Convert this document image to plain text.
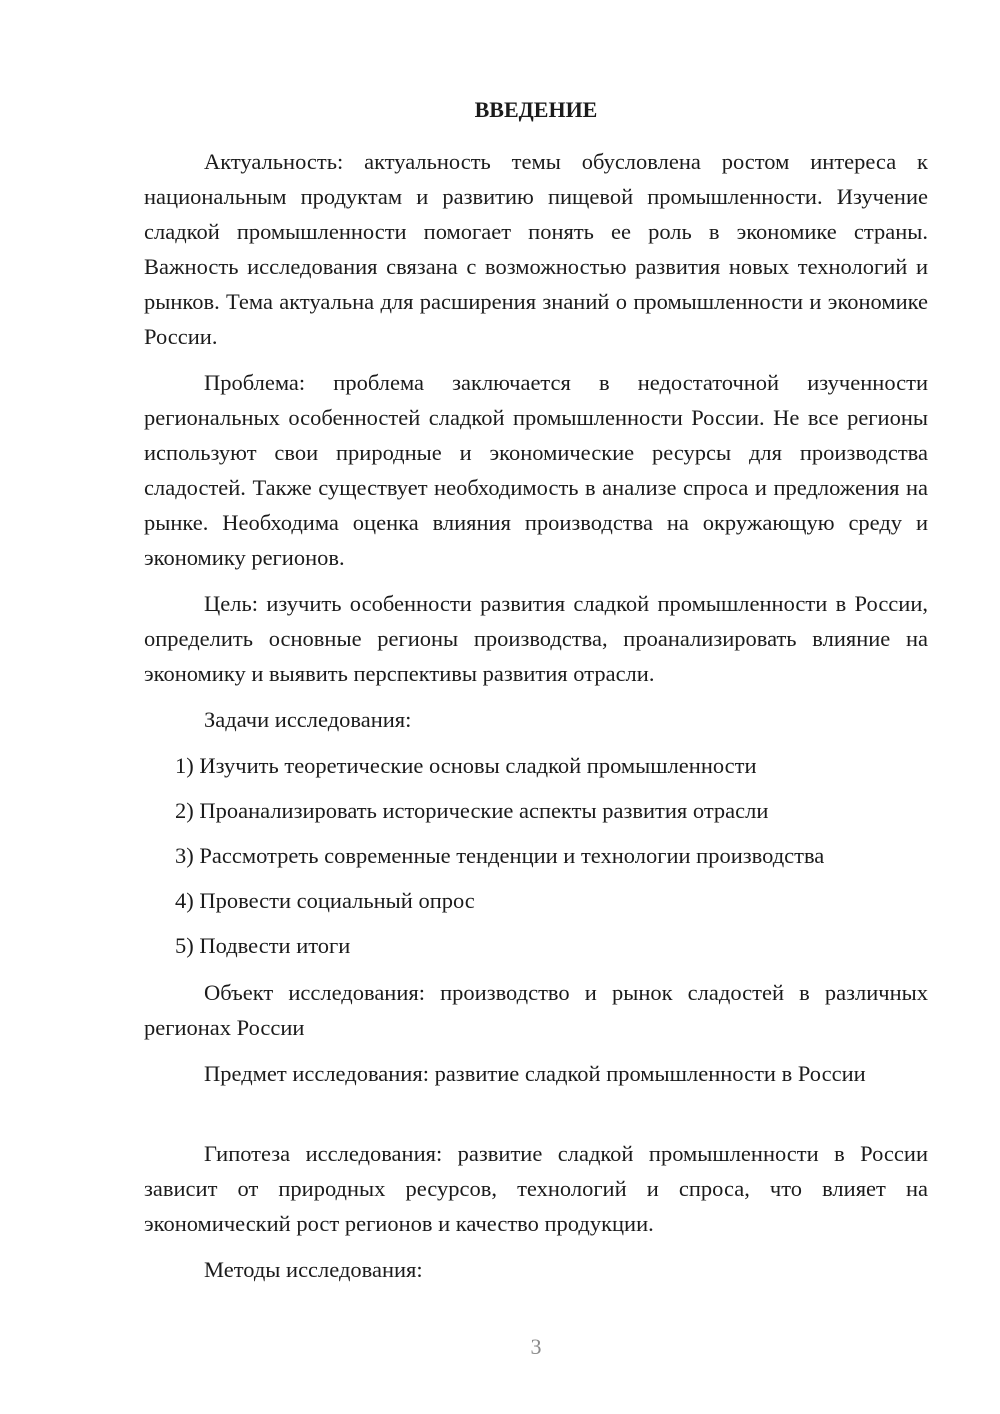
ВВЕДЕНИЕ

Актуальность: актуальность темы обусловлена ростом интереса к национальным продуктам и развитию пищевой промышленности. Изучение сладкой промышленности помогает понять ее роль в экономике страны. Важность исследования связана с возможностью развития новых технологий и рынков. Тема актуальна для расширения знаний о промышленности и экономике России.

Проблема: проблема заключается в недостаточной изученности региональных особенностей сладкой промышленности России. Не все регионы используют свои природные и экономические ресурсы для производства сладостей. Также существует необходимость в анализе спроса и предложения на рынке. Необходима оценка влияния производства на окружающую среду и экономику регионов.

Цель: изучить особенности развития сладкой промышленности в России, определить основные регионы производства, проанализировать влияние на экономику и выявить перспективы развития отрасли.

Задачи исследования:

1) Изучить теоретические основы сладкой промышленности
2) Проанализировать исторические аспекты развития отрасли
3) Рассмотреть современные тенденции и технологии производства
4) Провести социальный опрос
5) Подвести итоги

Объект исследования: производство и рынок сладостей в различных регионах России

Предмет исследования: развитие сладкой промышленности в России

Гипотеза исследования: развитие сладкой промышленности в России зависит от природных ресурсов, технологий и спроса, что влияет на экономический рост регионов и качество продукции.

Методы исследования:

3
